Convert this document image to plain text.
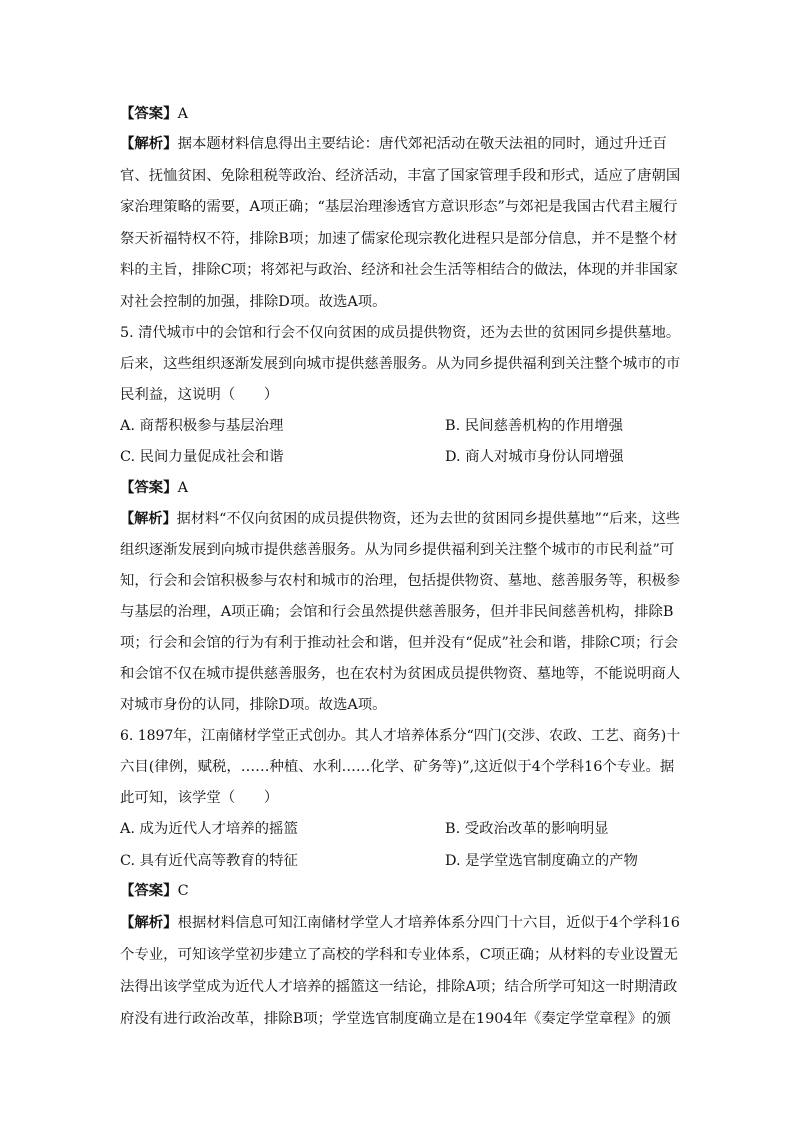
【答案】A
【解析】据本题材料信息得出主要结论：唐代郊祀活动在敬天法祖的同时，通过升迁百
官、抚恤贫困、免除租税等政治、经济活动，丰富了国家管理手段和形式，适应了唐朝国
家治理策略的需要，A项正确；“基层治理渗透官方意识形态”与郊祀是我国古代君主履行
祭天祈福特权不符，排除B项；加速了儒家伦现宗教化进程只是部分信息，并不是整个材
料的主旨，排除C项；将郊祀与政治、经济和社会生活等相结合的做法，体现的并非国家
对社会控制的加强，排除D项。故选A项。
5. 清代城市中的会馆和行会不仅向贫困的成员提供物资，还为去世的贫困同乡提供墓地。
后来，这些组织逐渐发展到向城市提供慈善服务。从为同乡提供福利到关注整个城市的市
民利益，这说明（　　）
A. 商帮积极参与基层治理	B. 民间慈善机构的作用增强
C. 民间力量促成社会和谐	D. 商人对城市身份认同增强
【答案】A
【解析】据材料“不仅向贫困的成员提供物资，还为去世的贫困同乡提供墓地”“后来，这些
组织逐渐发展到向城市提供慈善服务。从为同乡提供福利到关注整个城市的市民利益”可
知，行会和会馆积极参与农村和城市的治理，包括提供物资、墓地、慈善服务等，积极参
与基层的治理，A项正确；会馆和行会虽然提供慈善服务，但并非民间慈善机构，排除B
项；行会和会馆的行为有利于推动社会和谐，但并没有“促成”社会和谐，排除C项；行会
和会馆不仅在城市提供慈善服务，也在农村为贫困成员提供物资、墓地等，不能说明商人
对城市身份的认同，排除D项。故选A项。
6. 1897年，江南储材学堂正式创办。其人才培养体系分“四门(交涉、农政、工艺、商务)十
六目(律例，赋税，……种植、水利……化学、矿务等)”,这近似于4个学科16个专业。据
此可知，该学堂（　　）
A. 成为近代人才培养的摇篮	B. 受政治改革的影响明显
C. 具有近代高等教育的特征	D. 是学堂选官制度确立的产物
【答案】C
【解析】根据材料信息可知江南储材学堂人才培养体系分四门十六目，近似于4个学科16
个专业，可知该学堂初步建立了高校的学科和专业体系，C项正确；从材料的专业设置无
法得出该学堂成为近代人才培养的摇篮这一结论，排除A项；结合所学可知这一时期清政
府没有进行政治改革，排除B项；学堂选官制度确立是在1904年《奏定学堂章程》的颁
